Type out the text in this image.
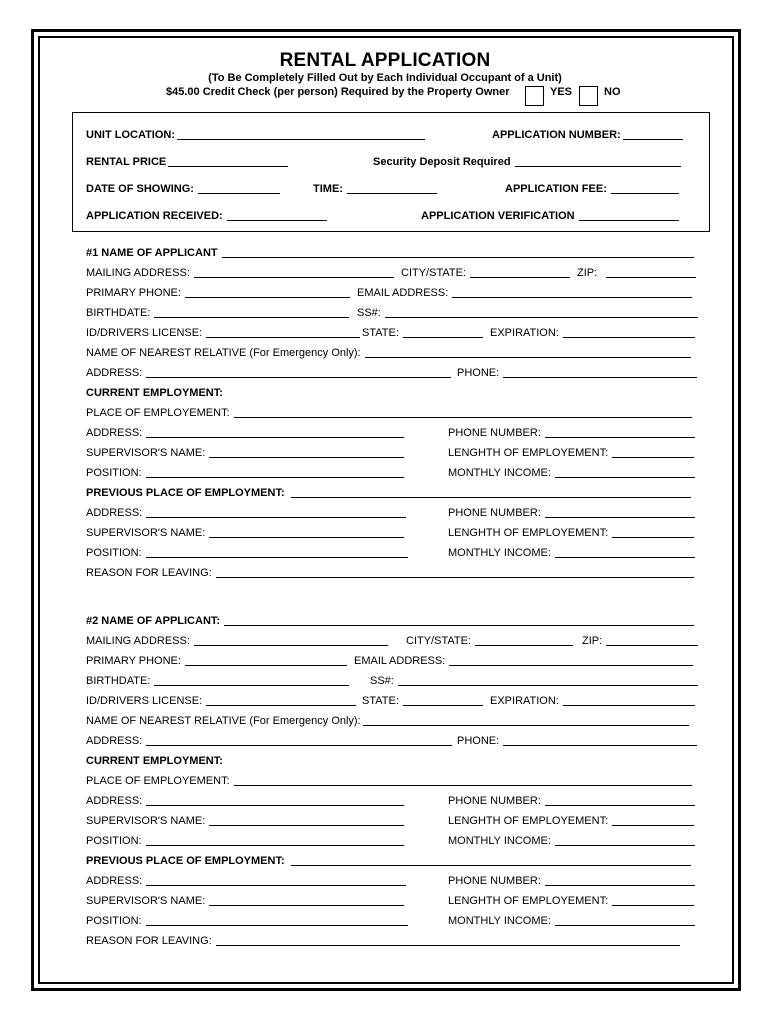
RENTAL APPLICATION
(To Be Completely Filled Out by Each Individual Occupant of a Unit)
$45.00 Credit Check (per person) Required by the Property Owner	YES	NO
UNIT LOCATION:	APPLICATION NUMBER:
RENTAL PRICE	Security Deposit Required
DATE OF SHOWING:	TIME:	APPLICATION FEE:
APPLICATION RECEIVED:	APPLICATION VERIFICATION
#1 NAME OF APPLICANT
MAILING ADDRESS:	CITY/STATE:	ZIP:
PRIMARY PHONE:	EMAIL ADDRESS:
BIRTHDATE:	SS#:
ID/DRIVERS LICENSE:	STATE:	EXPIRATION:
NAME OF NEAREST RELATIVE (For Emergency Only):
ADDRESS:	PHONE:
CURRENT EMPLOYMENT:
PLACE OF EMPLOYEMENT:
ADDRESS:	PHONE NUMBER:
SUPERVISOR'S NAME:	LENGHTH OF EMPLOYEMENT:
POSITION:	MONTHLY INCOME:
PREVIOUS PLACE OF EMPLOYMENT:
ADDRESS:	PHONE NUMBER:
SUPERVISOR'S NAME:	LENGHTH OF EMPLOYEMENT:
POSITION:	MONTHLY INCOME:
REASON FOR LEAVING:
#2 NAME OF APPLICANT:
MAILING ADDRESS:	CITY/STATE:	ZIP:
PRIMARY PHONE:	EMAIL ADDRESS:
BIRTHDATE:	SS#:
ID/DRIVERS LICENSE:	STATE:	EXPIRATION:
NAME OF NEAREST RELATIVE (For Emergency Only):
ADDRESS:	PHONE:
CURRENT EMPLOYMENT:
PLACE OF EMPLOYEMENT:
ADDRESS:	PHONE NUMBER:
SUPERVISOR'S NAME:	LENGHTH OF EMPLOYEMENT:
POSITION:	MONTHLY INCOME:
PREVIOUS PLACE OF EMPLOYMENT:
ADDRESS:	PHONE NUMBER:
SUPERVISOR'S NAME:	LENGHTH OF EMPLOYEMENT:
POSITION:	MONTHLY INCOME:
REASON FOR LEAVING:
